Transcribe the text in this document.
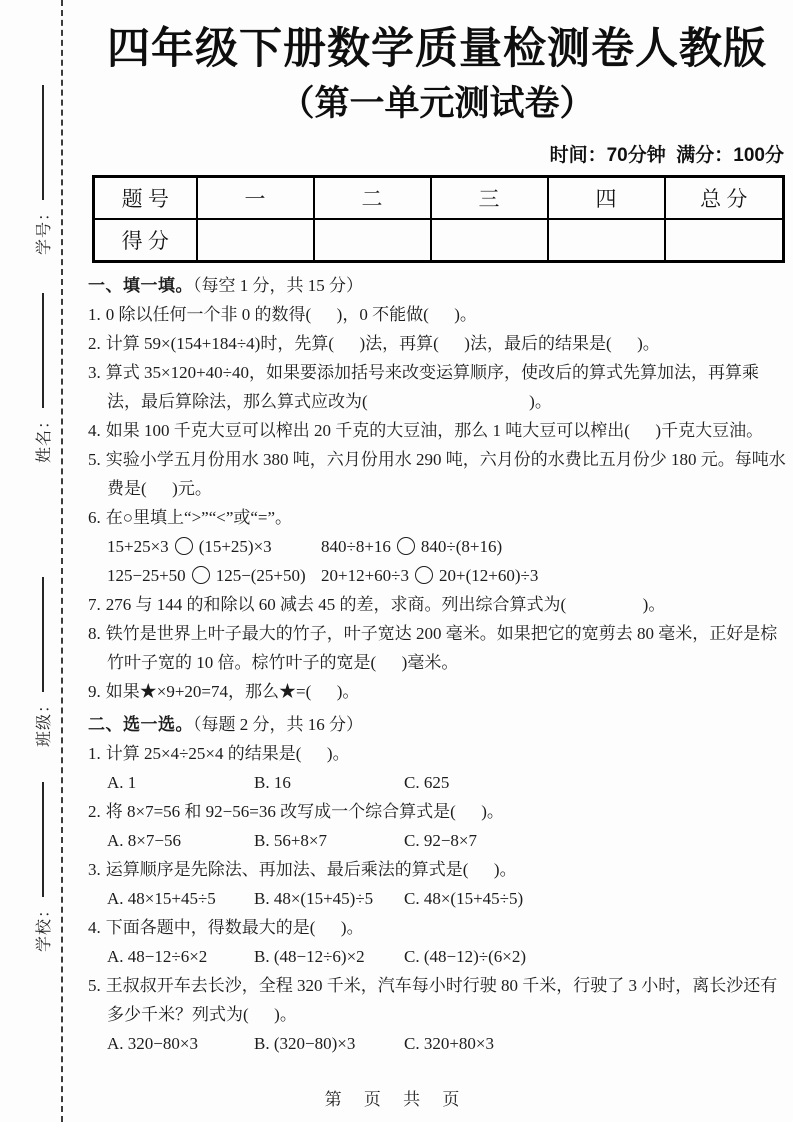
学号：
姓名：
班级：
学校：
四年级下册数学质量检测卷人教版
（第一单元测试卷）
时间：70分钟  满分：100分
题 号	一	二	三	四	总 分
得 分					
一、填一填。（每空 1 分，共 15 分）
1. 0 除以任何一个非 0 的数得(      )，0 不能做(      )。
2. 计算 59×(154+184÷4)时，先算(      )法，再算(      )法，最后的结果是(      )。
3. 算式 35×120+40÷40，如果要添加括号来改变运算顺序，使改后的算式先算加法，再算乘法，最后算除法，那么算式应改为(                                      )。
4. 如果 100 千克大豆可以榨出 20 千克的大豆油，那么 1 吨大豆可以榨出(      )千克大豆油。
5. 实验小学五月份用水 380 吨，六月份用水 290 吨，六月份的水费比五月份少 180 元。每吨水费是(      )元。
6. 在○里填上“>”“<”或“=”。
15+25×3 (15+25)×3	840÷8+16 840÷(8+16)
125−25+50 125−(25+50) 20+12+60÷3 20+(12+60)÷3
7. 276 与 144 的和除以 60 减去 45 的差，求商。列出综合算式为(                  )。
8. 铁竹是世界上叶子最大的竹子，叶子宽达 200 毫米。如果把它的宽剪去 80 毫米，正好是棕竹叶子宽的 10 倍。棕竹叶子的宽是(      )毫米。
9. 如果★×9+20=74，那么★=(      )。
二、选一选。（每题 2 分，共 16 分）
1. 计算 25×4÷25×4 的结果是(      )。
A. 1	B. 16	C. 625
2. 将 8×7=56 和 92−56=36 改写成一个综合算式是(      )。
A. 8×7−56	B. 56+8×7	C. 92−8×7
3. 运算顺序是先除法、再加法、最后乘法的算式是(      )。
A. 48×15+45÷5	B. 48×(15+45)÷5	C. 48×(15+45÷5)
4. 下面各题中，得数最大的是(      )。
A. 48−12÷6×2	B. (48−12÷6)×2	C. (48−12)÷(6×2)
5. 王叔叔开车去长沙，全程 320 千米，汽车每小时行驶 80 千米，行驶了 3 小时，离长沙还有多少千米？列式为(      )。
A. 320−80×3	B. (320−80)×3	C. 320+80×3
第 页 共 页
